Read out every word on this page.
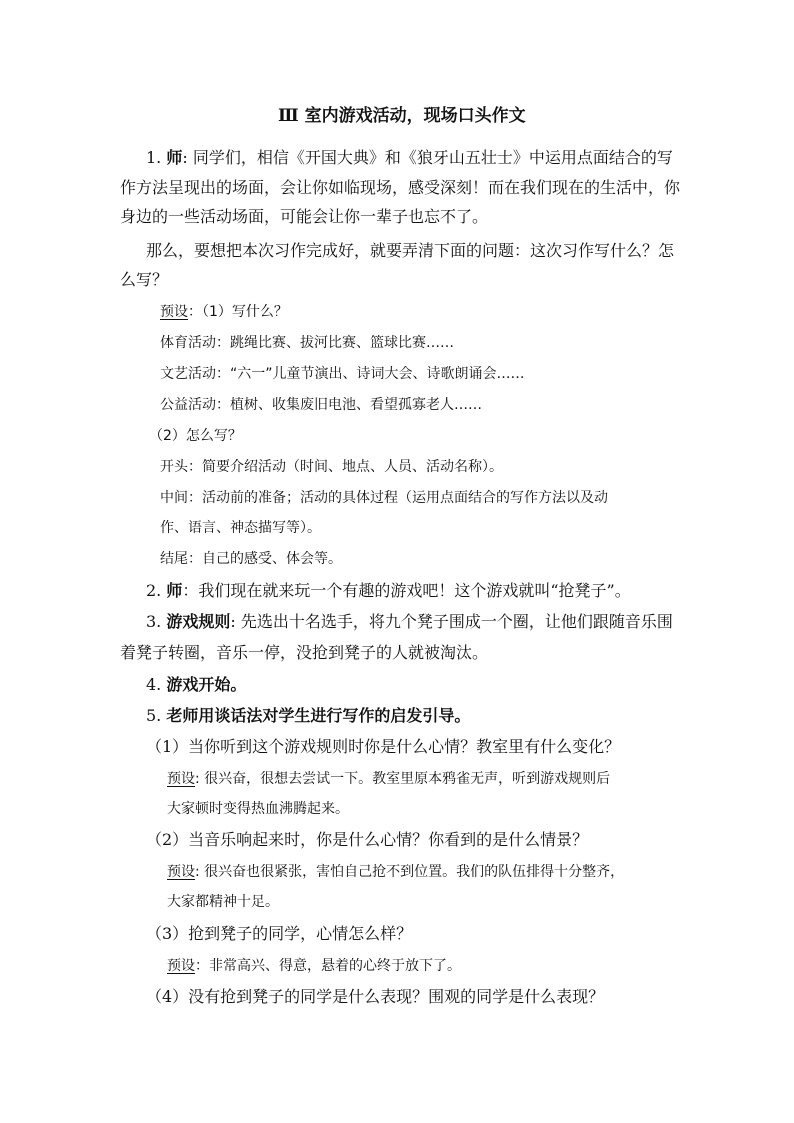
Ⅲ 室内游戏活动，现场口头作文
1. 师: 同学们，相信《开国大典》和《狼牙山五壮士》中运用点面结合的写
作方法呈现出的场面，会让你如临现场，感受深刻！而在我们现在的生活中，你
身边的一些活动场面，可能会让你一辈子也忘不了。
那么，要想把本次习作完成好，就要弄清下面的问题：这次习作写什么？怎
么写？
预设：（1）写什么？
体育活动：跳绳比赛、拔河比赛、篮球比赛……
文艺活动：“六一”儿童节演出、诗词大会、诗歌朗诵会……
公益活动：植树、收集废旧电池、看望孤寡老人……
（2）怎么写？
开头：简要介绍活动（时间、地点、人员、活动名称）。
中间：活动前的准备；活动的具体过程（运用点面结合的写作方法以及动
作、语言、神态描写等）。
结尾：自己的感受、体会等。
2. 师：我们现在就来玩一个有趣的游戏吧！这个游戏就叫“抢凳子”。
3. 游戏规则: 先选出十名选手，将九个凳子围成一个圈，让他们跟随音乐围
着凳子转圈，音乐一停，没抢到凳子的人就被淘汰。
4. 游戏开始。
5. 老师用谈话法对学生进行写作的启发引导。
（1）当你听到这个游戏规则时你是什么心情？教室里有什么变化？
预设: 很兴奋，很想去尝试一下。教室里原本鸦雀无声，听到游戏规则后
大家顿时变得热血沸腾起来。
（2）当音乐响起来时，你是什么心情？你看到的是什么情景？
预设: 很兴奋也很紧张，害怕自己抢不到位置。我们的队伍排得十分整齐，
大家都精神十足。
（3）抢到凳子的同学，心情怎么样？
预设：非常高兴、得意，悬着的心终于放下了。
（4）没有抢到凳子的同学是什么表现？围观的同学是什么表现？
